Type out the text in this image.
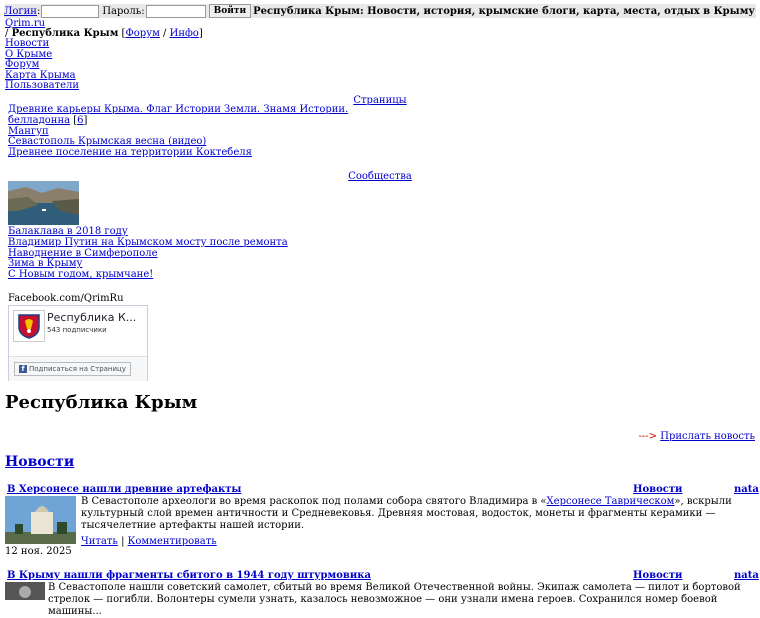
Логин :	Пароль:	Войти Республика Крым: Новости, история, крымские блоги, карта, места, отдых в Крыму
Qrim.ru
/ Республика Крым [Форум / Инфо]
Новости
О Крыме
Форум
Карта Крыма
Пользователи
Страницы
Древние карьеры Крыма. Флаг Истории Земли. Знамя Истории.
белладонна [6]
Мангуп
Севастополь Крымская весна (видео)
Древнее поселение на территории Коктебеля
Сообщества
Балаклава в 2018 году
Владимир Путин на Крымском мосту после ремонта
Наводнение в Симферополе
Зима в Крыму
С Новым годом, крымчане!
Facebook.com/QrimRu
Республика К...
543 подписчики
f Подписаться на Страницу
Республика Крым
---> Прислать новость
Новости
В Херсонесе нашли древние артефакты	Новости	nata
В Севастополе археологи во время раскопок под полами собора святого Владимира в «Херсонесе Таврическом», вскрыли культурный слой времен античности и Средневековья. Древняя мостовая, водосток, монеты и фрагменты керамики — тысячелетние артефакты нашей истории.
Читать | Комментировать
12 ноя. 2025
В Крыму нашли фрагменты сбитого в 1944 году штурмовика	Новости	nata
В Севастополе нашли советский самолет, сбитый во время Великой Отечественной войны. Экипаж самолета — пилот и бортовой стрелок — погибли. Волонтеры сумели узнать, казалось невозможное — они узнали имена героев. Сохранился номер боевой машины...
